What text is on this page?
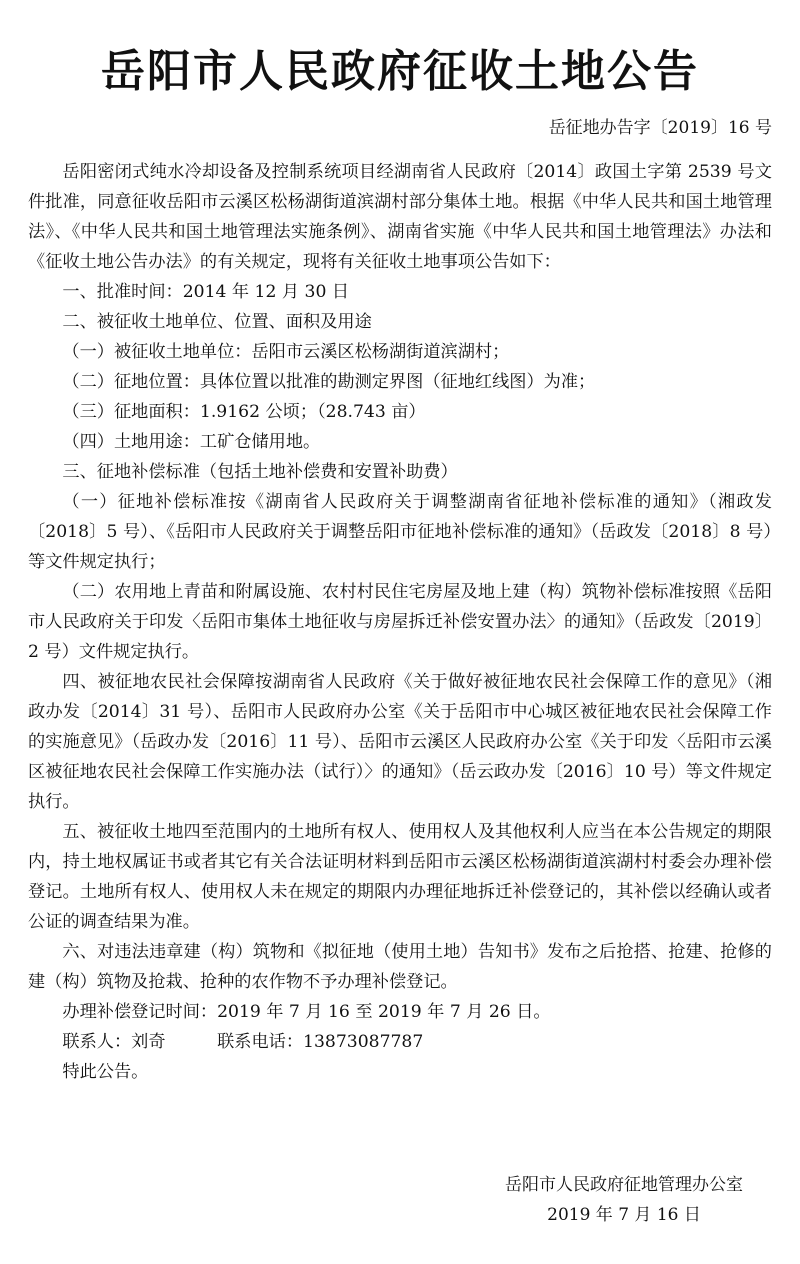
岳阳市人民政府征收土地公告
岳征地办告字〔2019〕16 号

岳阳密闭式纯水冷却设备及控制系统项目经湖南省人民政府〔2014〕政国土字第 2539 号文件批准，同意征收岳阳市云溪区松杨湖街道滨湖村部分集体土地。根据《中华人民共和国土地管理法》、《中华人民共和国土地管理法实施条例》、湖南省实施《中华人民共和国土地管理法》办法和《征收土地公告办法》的有关规定，现将有关征收土地事项公告如下：

一、批准时间：2014 年 12 月 30 日

二、被征收土地单位、位置、面积及用途

（一）被征收土地单位：岳阳市云溪区松杨湖街道滨湖村；

（二）征地位置：具体位置以批准的勘测定界图（征地红线图）为准；

（三）征地面积：1.9162 公顷；（28.743 亩）

（四）土地用途：工矿仓储用地。

三、征地补偿标准（包括土地补偿费和安置补助费）

（一）征地补偿标准按《湖南省人民政府关于调整湖南省征地补偿标准的通知》（湘政发〔2018〕5 号）、《岳阳市人民政府关于调整岳阳市征地补偿标准的通知》（岳政发〔2018〕8 号）等文件规定执行；

（二）农用地上青苗和附属设施、农村村民住宅房屋及地上建（构）筑物补偿标准按照《岳阳市人民政府关于印发〈岳阳市集体土地征收与房屋拆迁补偿安置办法〉的通知》（岳政发〔2019〕2 号）文件规定执行。

四、被征地农民社会保障按湖南省人民政府《关于做好被征地农民社会保障工作的意见》（湘政办发〔2014〕31 号）、岳阳市人民政府办公室《关于岳阳市中心城区被征地农民社会保障工作的实施意见》（岳政办发〔2016〕11 号）、岳阳市云溪区人民政府办公室《关于印发〈岳阳市云溪区被征地农民社会保障工作实施办法（试行）〉的通知》（岳云政办发〔2016〕10 号）等文件规定执行。

五、被征收土地四至范围内的土地所有权人、使用权人及其他权利人应当在本公告规定的期限内，持土地权属证书或者其它有关合法证明材料到岳阳市云溪区松杨湖街道滨湖村村委会办理补偿登记。土地所有权人、使用权人未在规定的期限内办理征地拆迁补偿登记的，其补偿以经确认或者公证的调查结果为准。

六、对违法违章建（构）筑物和《拟征地（使用土地）告知书》发布之后抢搭、抢建、抢修的建（构）筑物及抢栽、抢种的农作物不予办理补偿登记。

办理补偿登记时间：2019 年 7 月 16 至 2019 年 7 月 26 日。

联系人：刘奇　　　联系电话：13873087787

特此公告。

岳阳市人民政府征地管理办公室
2019 年 7 月 16 日
